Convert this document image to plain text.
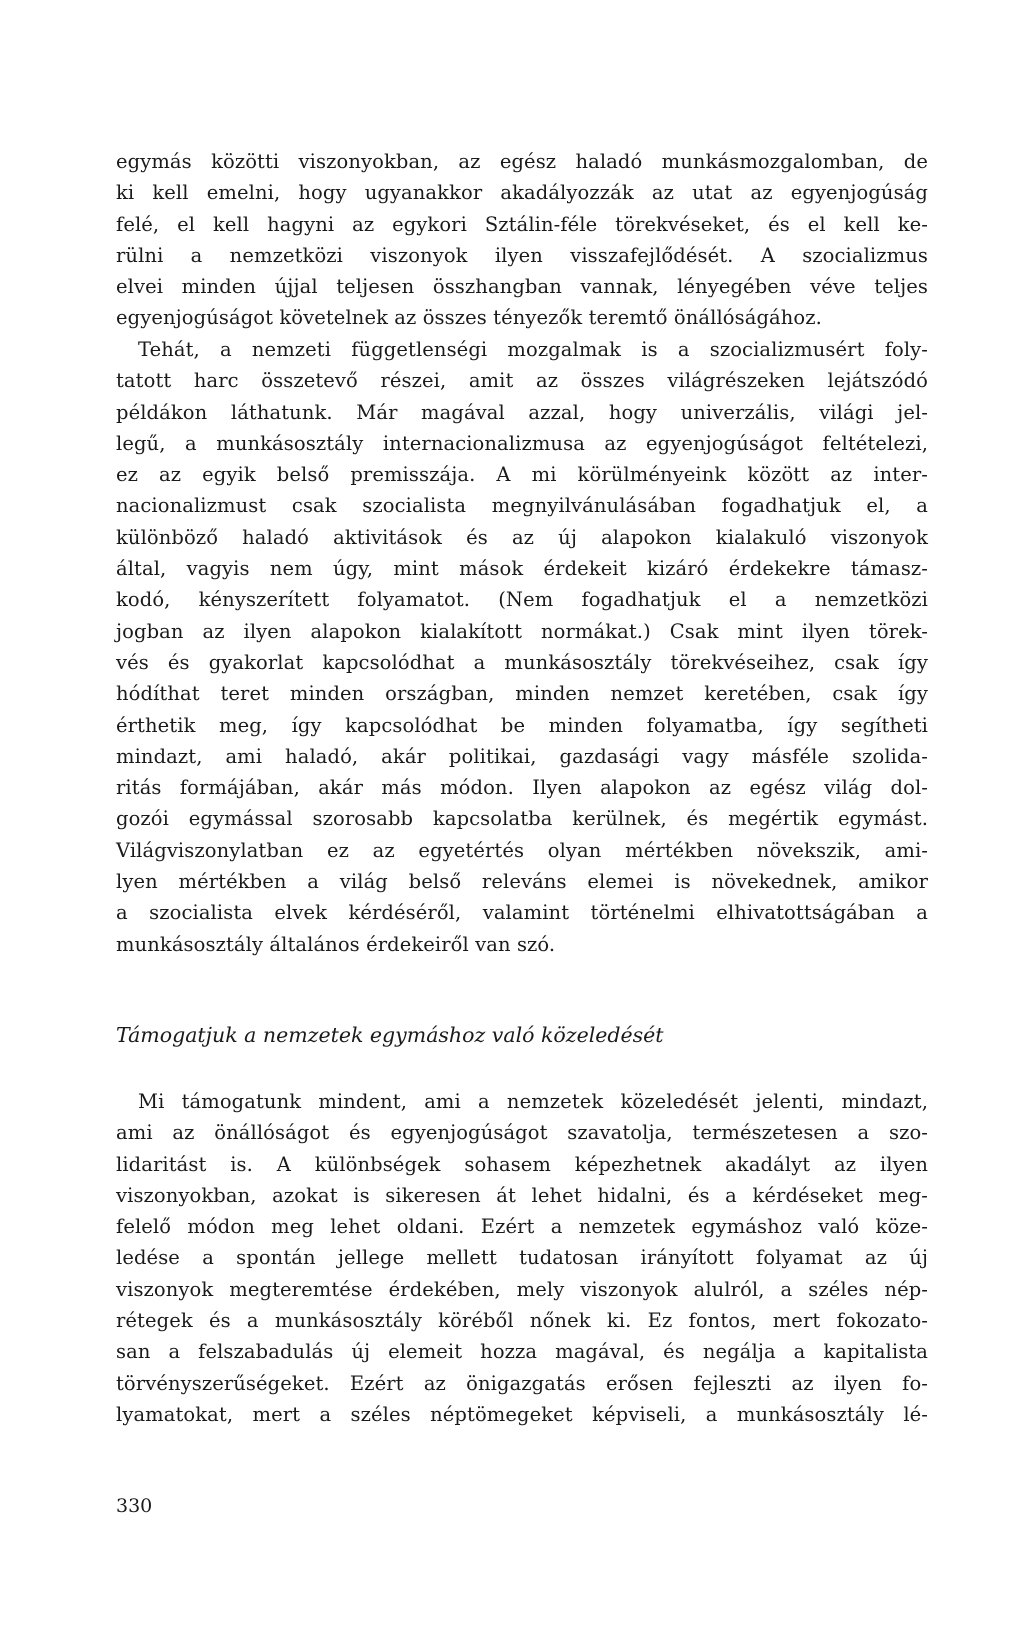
egymás közötti viszonyokban, az egész haladó munkásmozgalomban, de
ki kell emelni, hogy ugyanakkor akadályozzák az utat az egyenjogúság
felé, el kell hagyni az egykori Sztálin-féle törekvéseket, és el kell ke-
rülni a nemzetközi viszonyok ilyen visszafejlődését. A szocializmus
elvei minden újjal teljesen összhangban vannak, lényegében véve teljes
egyenjogúságot követelnek az összes tényezők teremtő önállóságához.
Tehát, a nemzeti függetlenségi mozgalmak is a szocializmusért foly-
tatott harc összetevő részei, amit az összes világrészeken lejátszódó
példákon láthatunk. Már magával azzal, hogy univerzális, világi jel-
legű, a munkásosztály internacionalizmusa az egyenjogúságot feltételezi,
ez az egyik belső premisszája. A mi körülményeink között az inter-
nacionalizmust csak szocialista megnyilvánulásában fogadhatjuk el, a
különböző haladó aktivitások és az új alapokon kialakuló viszonyok
által, vagyis nem úgy, mint mások érdekeit kizáró érdekekre támasz-
kodó, kényszerített folyamatot. (Nem fogadhatjuk el a nemzetközi
jogban az ilyen alapokon kialakított normákat.) Csak mint ilyen törek-
vés és gyakorlat kapcsolódhat a munkásosztály törekvéseihez, csak így
hódíthat teret minden országban, minden nemzet keretében, csak így
érthetik meg, így kapcsolódhat be minden folyamatba, így segítheti
mindazt, ami haladó, akár politikai, gazdasági vagy másféle szolida-
ritás formájában, akár más módon. Ilyen alapokon az egész világ dol-
gozói egymással szorosabb kapcsolatba kerülnek, és megértik egymást.
Világviszonylatban ez az egyetértés olyan mértékben növekszik, ami-
lyen mértékben a világ belső releváns elemei is növekednek, amikor
a szocialista elvek kérdéséről, valamint történelmi elhivatottságában a
munkásosztály általános érdekeiről van szó.
Támogatjuk a nemzetek egymáshoz való közeledését
Mi támogatunk mindent, ami a nemzetek közeledését jelenti, mindazt,
ami az önállóságot és egyenjogúságot szavatolja, természetesen a szo-
lidaritást is. A különbségek sohasem képezhetnek akadályt az ilyen
viszonyokban, azokat is sikeresen át lehet hidalni, és a kérdéseket meg-
felelő módon meg lehet oldani. Ezért a nemzetek egymáshoz való köze-
ledése a spontán jellege mellett tudatosan irányított folyamat az új
viszonyok megteremtése érdekében, mely viszonyok alulról, a széles nép-
rétegek és a munkásosztály köréből nőnek ki. Ez fontos, mert fokozato-
san a felszabadulás új elemeit hozza magával, és negálja a kapitalista
törvényszerűségeket. Ezért az önigazgatás erősen fejleszti az ilyen fo-
lyamatokat, mert a széles néptömegeket képviseli, a munkásosztály lé-
330
